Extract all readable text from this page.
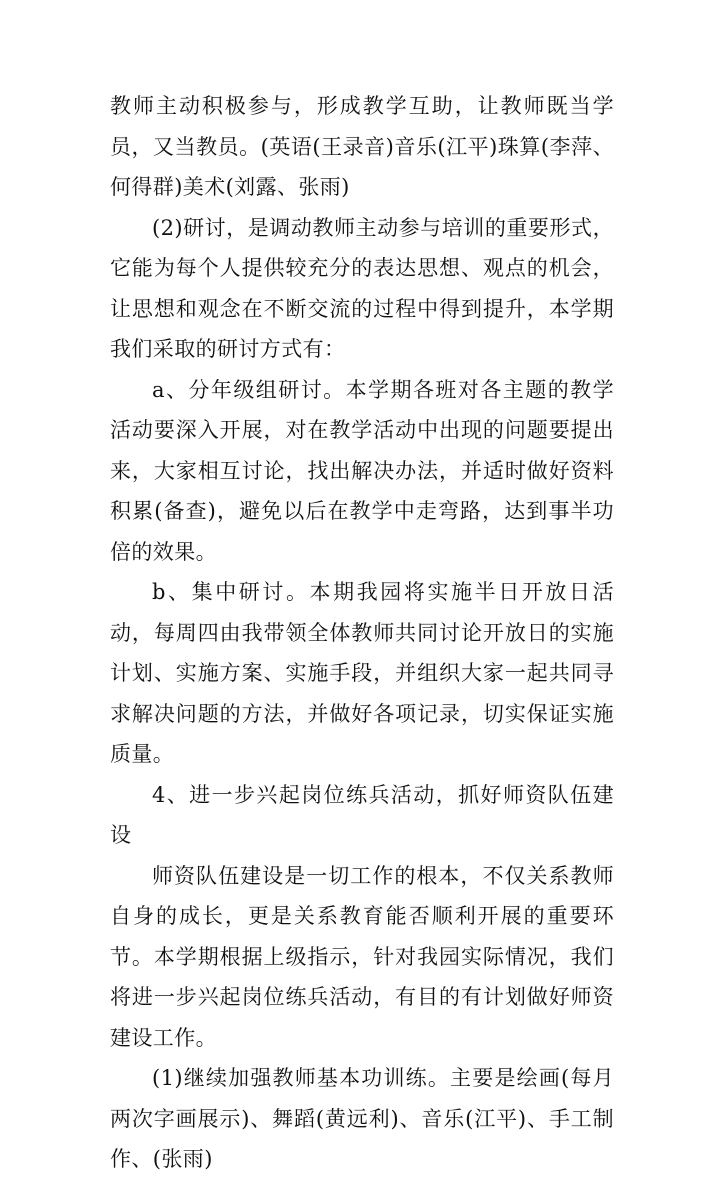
教师主动积极参与，形成教学互助，让教师既当学员，又当教员。(英语(王录音)音乐(江平)珠算(李萍、何得群)美术(刘露、张雨)

(2)研讨，是调动教师主动参与培训的重要形式，它能为每个人提供较充分的表达思想、观点的机会，让思想和观念在不断交流的过程中得到提升，本学期我们采取的研讨方式有：

a、分年级组研讨。本学期各班对各主题的教学活动要深入开展，对在教学活动中出现的问题要提出来，大家相互讨论，找出解决办法，并适时做好资料积累(备查)，避免以后在教学中走弯路，达到事半功倍的效果。

b、集中研讨。本期我园将实施半日开放日活动，每周四由我带领全体教师共同讨论开放日的实施计划、实施方案、实施手段，并组织大家一起共同寻求解决问题的方法，并做好各项记录，切实保证实施质量。

4、进一步兴起岗位练兵活动，抓好师资队伍建设

师资队伍建设是一切工作的根本，不仅关系教师自身的成长，更是关系教育能否顺利开展的重要环节。本学期根据上级指示，针对我园实际情况，我们将进一步兴起岗位练兵活动，有目的有计划做好师资建设工作。

(1)继续加强教师基本功训练。主要是绘画(每月两次字画展示)、舞蹈(黄远利)、音乐(江平)、手工制作、(张雨)
